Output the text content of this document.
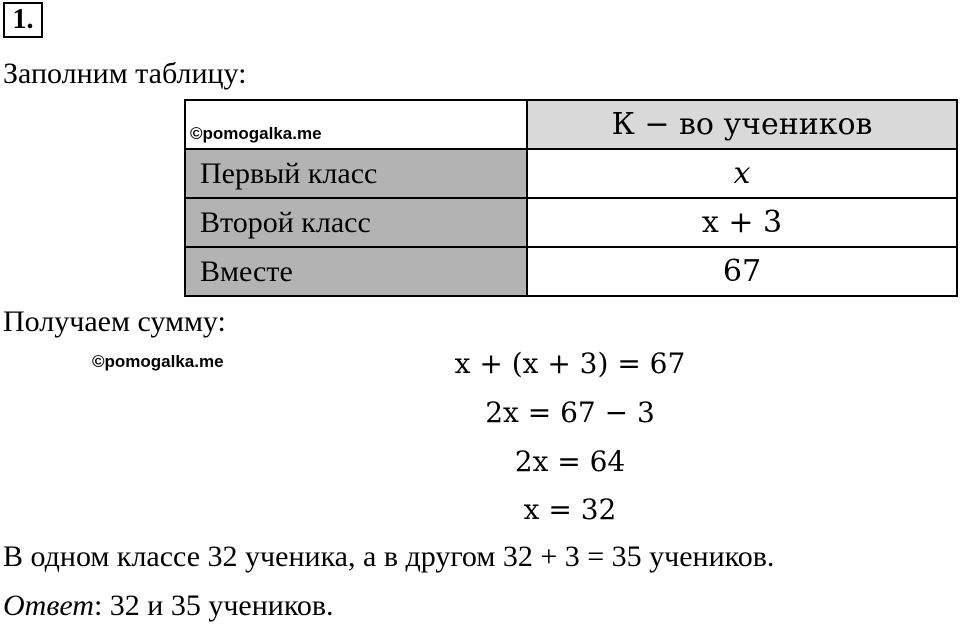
1.
Заполним таблицу:
©pomogalka.me	К − во учеников
Первый класс	x
Второй класс	x + 3
Вместе	67
Получаем сумму:
©pomogalka.me	x + (x + 3) = 67
2x = 67 − 3
2x = 64
x = 32
В одном классе 32 ученика, а в другом 32 + 3 = 35 учеников.
Ответ: 32 и 35 учеников.
